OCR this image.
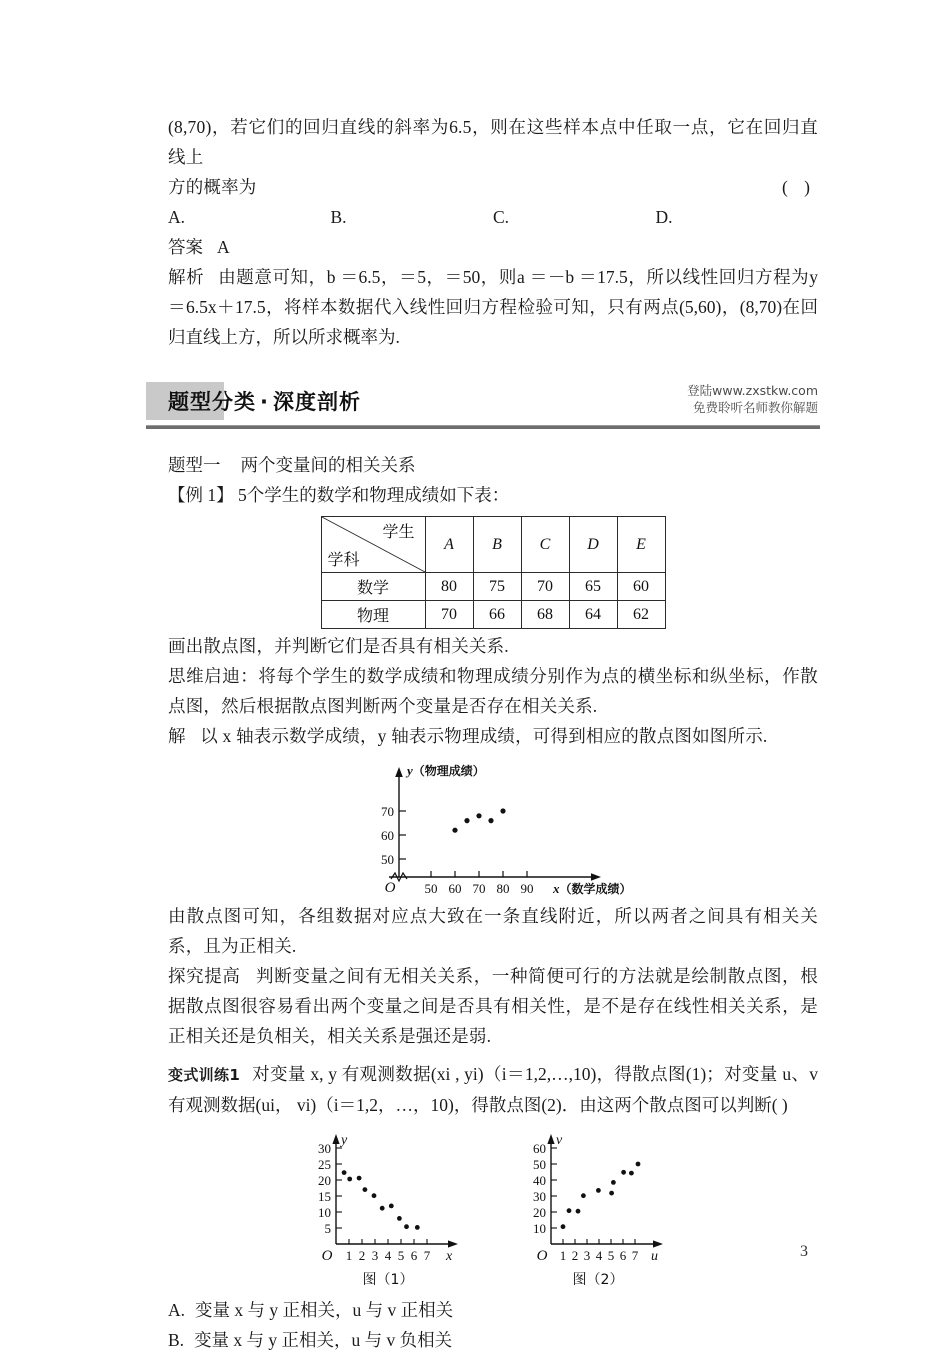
(8,70)，若它们的回归直线的斜率为6.5，则在这些样本点中任取一点，它在回归直线上
方的概率为	( )
A.	B.	C.	D.
答案 A
解析 由题意可知，b ＝6.5，＝5，＝50，则a ＝－b ＝17.5，所以线性回归方程为y ＝6.5x＋17.5，将样本数据代入线性回归方程检验可知，只有两点(5,60)，(8,70)在回归直线上方，所以所求概率为.
题型分类 · 深度剖析	登陆www.zxstkw.com
免费聆听名师教你解题
题型一 两个变量间的相关关系
【例 1】 5个学生的数学和物理成绩如下表：
学生
学科	A	B	C	D	E
数学	80	75	70	65	60
物理	70	66	68	64	62
画出散点图，并判断它们是否具有相关关系.
思维启迪：将每个学生的数学成绩和物理成绩分别作为点的横坐标和纵坐标，作散点图，然后根据散点图判断两个变量是否存在相关关系.
解 以 x 轴表示数学成绩，y 轴表示物理成绩，可得到相应的散点图如图所示.
50
60
70
50 60 70 80 90
O
y（物理成绩）
x（数学成绩）
由散点图可知，各组数据对应点大致在一条直线附近，所以两者之间具有相关关系，且为正相关.
探究提高 判断变量之间有无相关关系，一种简便可行的方法就是绘制散点图，根据散点图很容易看出两个变量之间是否具有相关性，是不是存在线性相关关系，是正相关还是负相关，相关关系是强还是弱.
变式训练1 对变量 x, y 有观测数据(xi , yi)（i＝1,2,…,10)，得散点图(1)；对变量 u、v 有观测数据(ui， vi)（i＝1,2，…，10)，得散点图(2)．由这两个散点图可以判断( )
5
10
15
20
25
30
1 2 3 4 5 6 7
O
y
x
图（1）
10
20
30
40
50
60
1 2 3 4 5 6 7
O
v
u
图（2）
A. 变量 x 与 y 正相关，u 与 v 正相关
B. 变量 x 与 y 正相关，u 与 v 负相关
3
